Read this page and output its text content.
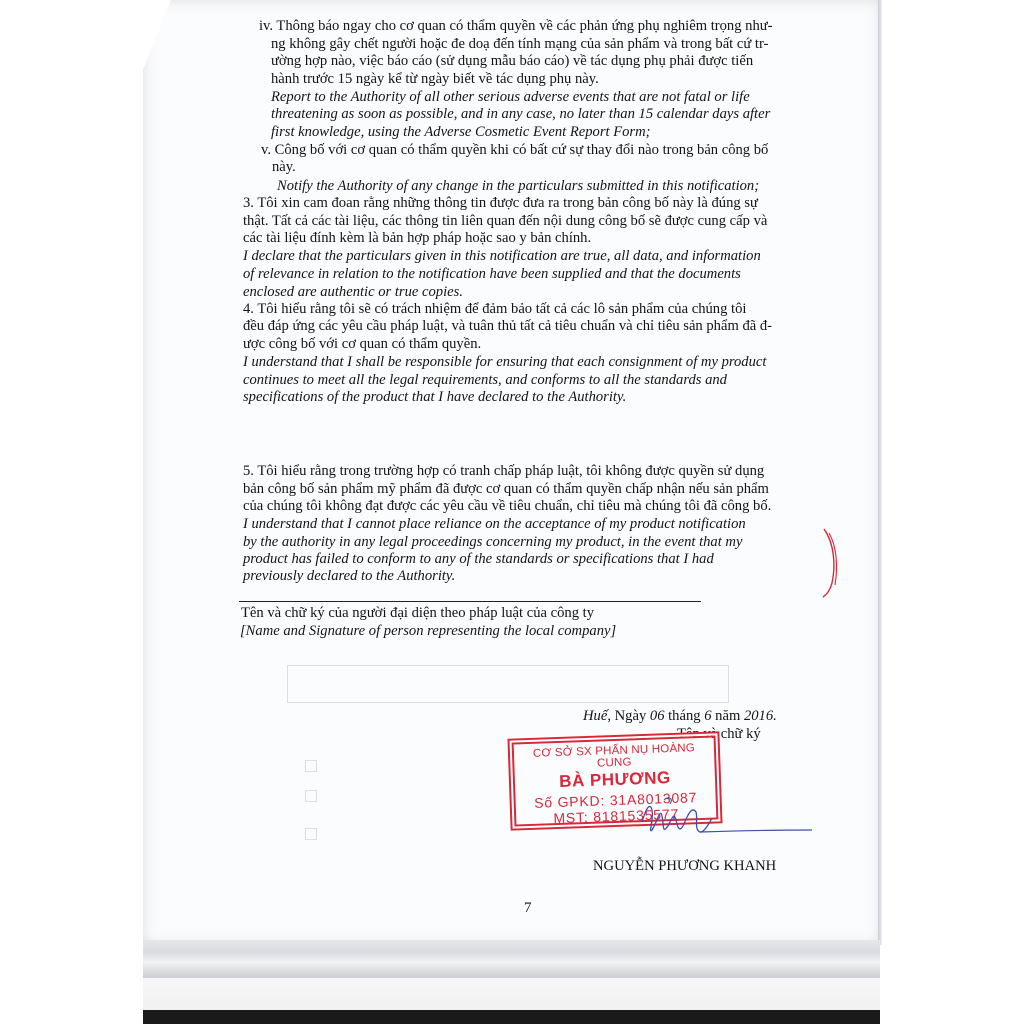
iv. Thông báo ngay cho cơ quan có thẩm quyền về các phản ứng phụ nghiêm trọng như-
ng không gây chết người hoặc đe doạ đến tính mạng của sản phẩm và trong bất cứ tr-
ường hợp nào, việc báo cáo (sử dụng mẫu báo cáo) về tác dụng phụ phải được tiến
hành trước 15 ngày kể từ ngày biết về tác dụng phụ này.
Report to the Authority of all other serious adverse events that are not fatal or life
threatening as soon as possible, and in any case, no later than 15 calendar days after
first knowledge, using the Adverse Cosmetic Event Report Form;
v. Công bố với cơ quan có thẩm quyền khi có bất cứ sự thay đổi nào trong bản công bố
này.
Notify the Authority of any change in the particulars submitted in this notification;
3. Tôi xin cam đoan rằng những thông tin được đưa ra trong bản công bố này là đúng sự
thật. Tất cả các tài liệu, các thông tin liên quan đến nội dung công bố sẽ được cung cấp và
các tài liệu đính kèm là bản hợp pháp hoặc sao y bản chính.
I declare that the particulars given in this notification are true, all data, and information
of relevance in relation to the notification have been supplied and that the documents
enclosed are authentic or true copies.
4. Tôi hiểu rằng tôi sẽ có trách nhiệm để đảm bảo tất cả các lô sản phẩm của chúng tôi
đều đáp ứng các yêu cầu pháp luật, và tuân thủ tất cả tiêu chuẩn và chỉ tiêu sản phẩm đã đ-
ược công bố với cơ quan có thẩm quyền.
I understand that I shall be responsible for ensuring that each consignment of my product
continues to meet all the legal requirements, and conforms to all the standards and
specifications of the product that I have declared to the Authority.
5. Tôi hiểu rằng trong trường hợp có tranh chấp pháp luật, tôi không được quyền sử dụng
bản công bố sản phẩm mỹ phẩm đã được cơ quan có thẩm quyền chấp nhận nếu sản phẩm
của chúng tôi không đạt được các yêu cầu về tiêu chuẩn, chỉ tiêu mà chúng tôi đã công bố.
I understand that I cannot place reliance on the acceptance of my product notification
by the authority in any legal proceedings concerning my product, in the event that my
product has failed to conform to any of the standards or specifications that I had
previously declared to the Authority.
Tên và chữ ký của người đại diện theo pháp luật của công ty
[Name and Signature of person representing the local company]
Huế, Ngày 06 tháng 6 năm 2016.
Tên và chữ ký
CƠ SỞ SX PHẤN NỤ HOÀNG CUNG
BÀ PHƯƠNG
Số GPKD: 31A8013087
MST: 8181535577
NGUYỄN PHƯƠNG KHANH
7
